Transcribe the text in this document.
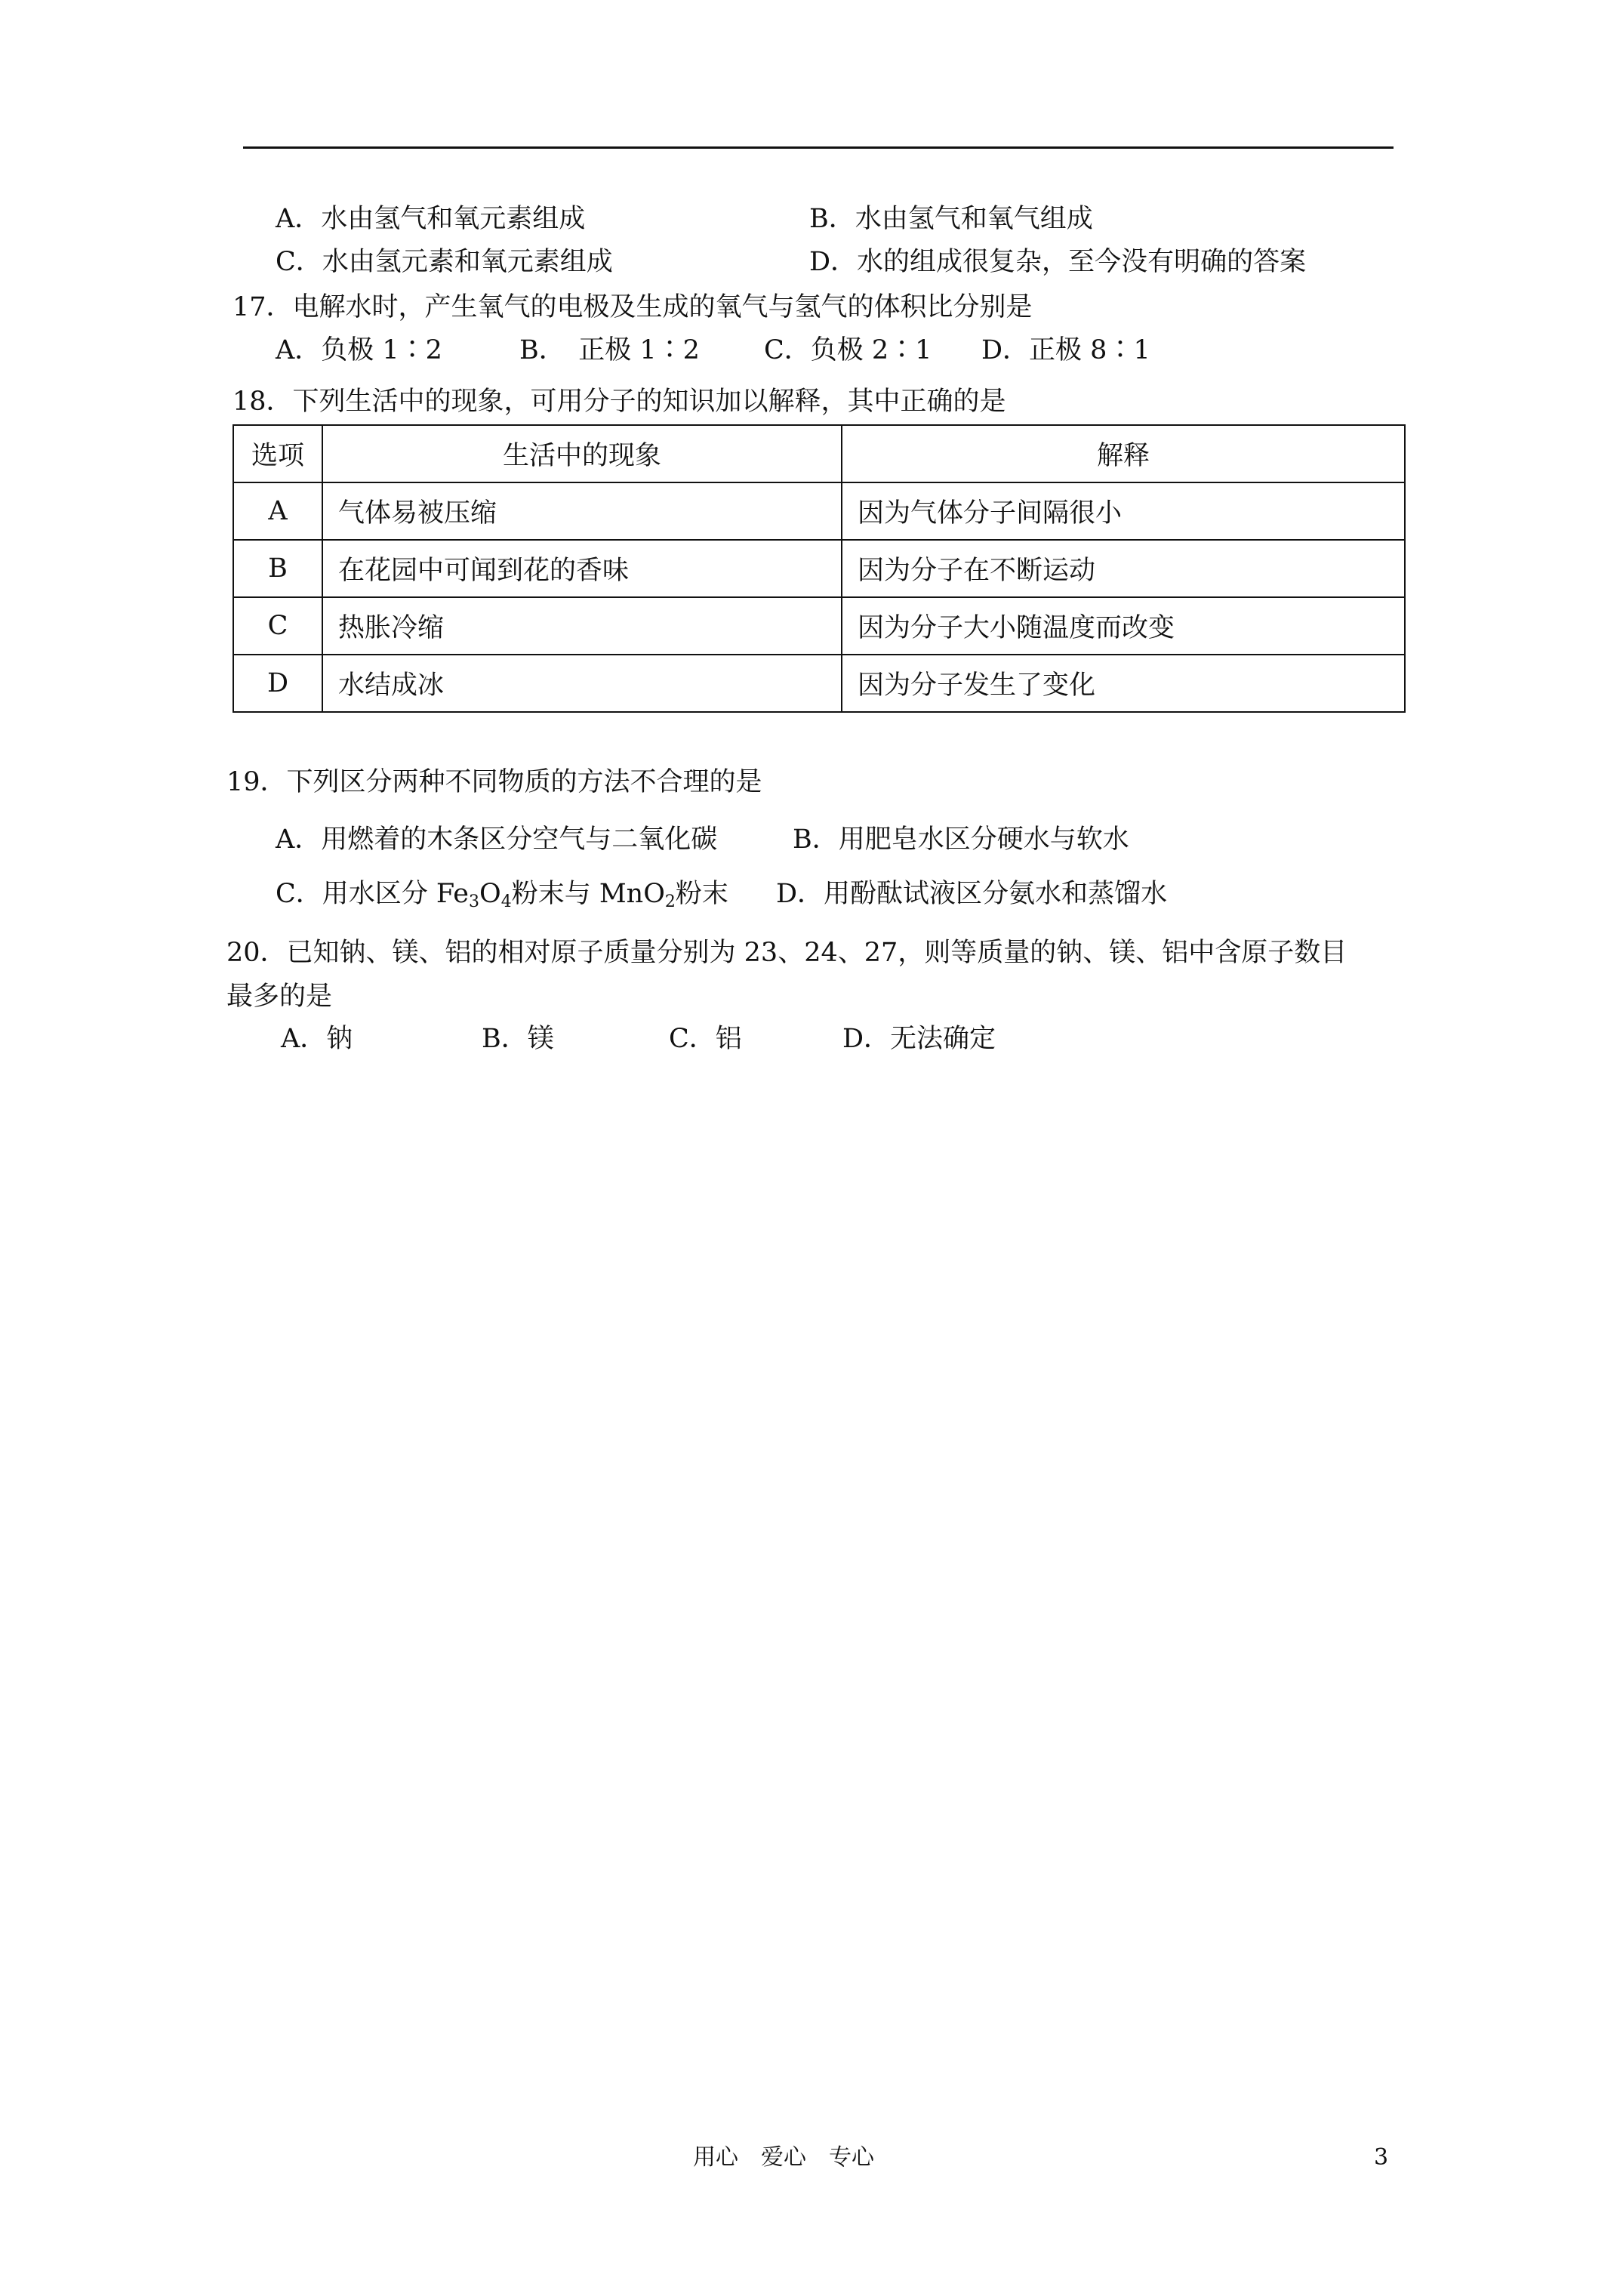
A．水由氢气和氧元素组成	B．水由氢气和氧气组成
C．水由氢元素和氧元素组成	D．水的组成很复杂，至今没有明确的答案
17．电解水时，产生氧气的电极及生成的氧气与氢气的体积比分别是
A．负极 1∶2	B．　正极 1∶2 C．负极 2∶1 D．正极 8∶1
18．下列生活中的现象，可用分子的知识加以解释，其中正确的是
选项	生活中的现象	解释
A	气体易被压缩	因为气体分子间隔很小
B	在花园中可闻到花的香味	因为分子在不断运动
C	热胀冷缩	因为分子大小随温度而改变
D	水结成冰	因为分子发生了变化
19．下列区分两种不同物质的方法不合理的是
A．用燃着的木条区分空气与二氧化碳	B．用肥皂水区分硬水与软水
C．用水区分 $Fe_3O_4$粉末与 MnO$_2$粉末 D．用酚酞试液区分氨水和蒸馏水
20．已知钠、镁、铝的相对原子质量分别为 23、24、27，则等质量的钠、镁、铝中含原子数目
最多的是
A．钠	B．镁	C．铝	D．无法确定
用心　爱心　专心	3
